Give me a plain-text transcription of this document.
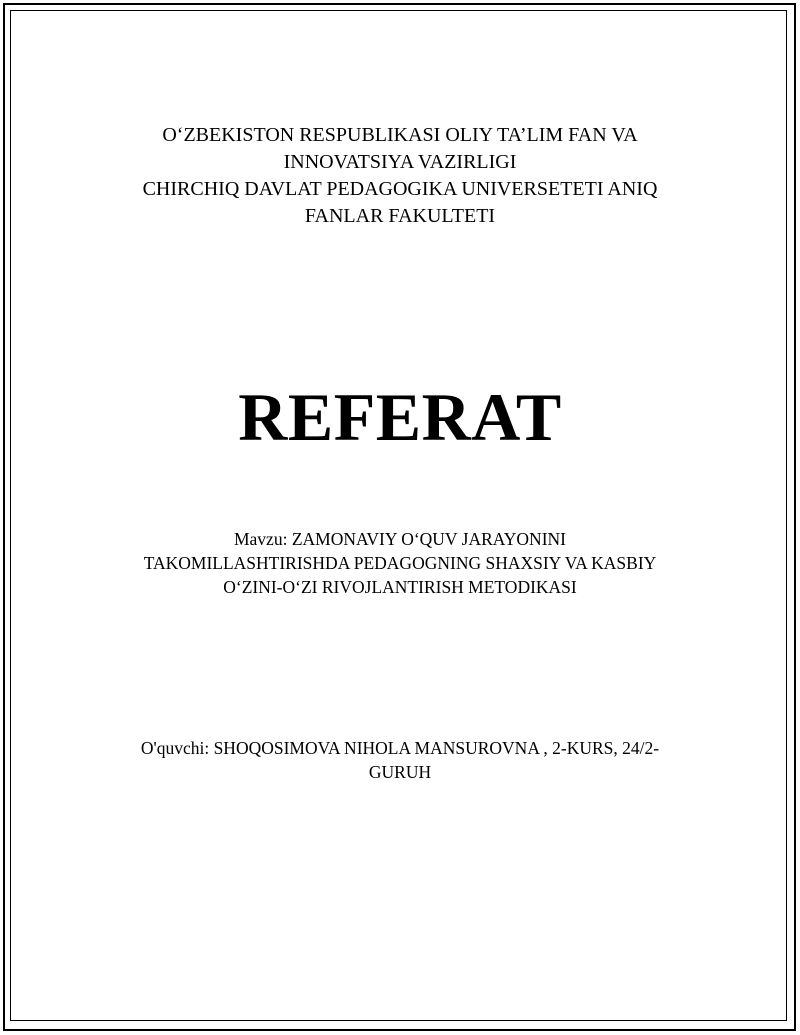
O‘ZBEKISTON RESPUBLIKASI OLIY TA’LIM FAN VA
INNOVATSIYA VAZIRLIGI
CHIRCHIQ DAVLAT PEDAGOGIKA UNIVERSETETI ANIQ
FANLAR FAKULTETI
REFERAT
Mavzu: ZAMONAVIY O‘QUV JARAYONINI
TAKOMILLASHTIRISHDA PEDAGOGNING SHAXSIY VA KASBIY
O‘ZINI-O‘ZI RIVOJLANTIRISH METODIKASI
O'quvchi: SHOQOSIMOVA NIHOLA MANSUROVNA , 2-KURS, 24/2-
GURUH
